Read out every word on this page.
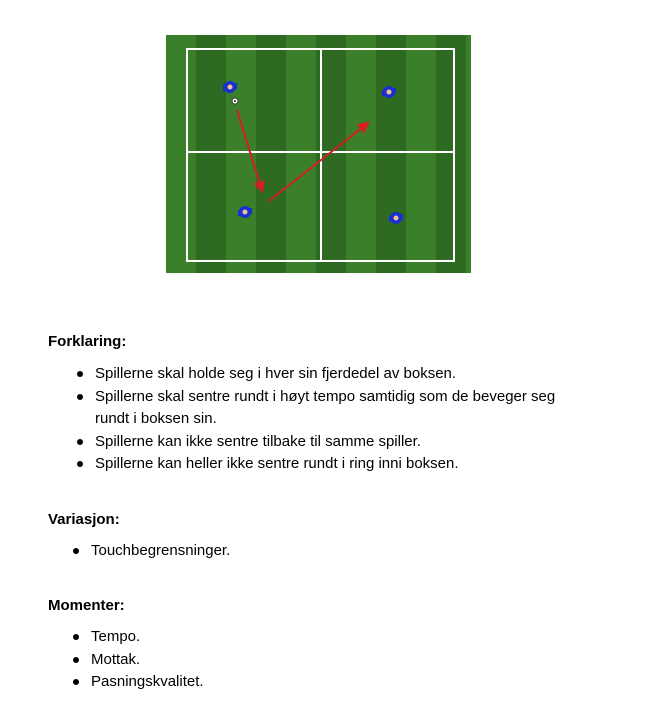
Forklaring:

Spillerne skal holde seg i hver sin fjerdedel av boksen.
Spillerne skal sentre rundt i høyt tempo samtidig som de beveger seg rundt i boksen sin.
Spillerne kan ikke sentre tilbake til samme spiller.
Spillerne kan heller ikke sentre rundt i ring inni boksen.

Variasjon:

Touchbegrensninger.

Momenter:

Tempo.
Mottak.
Pasningskvalitet.
